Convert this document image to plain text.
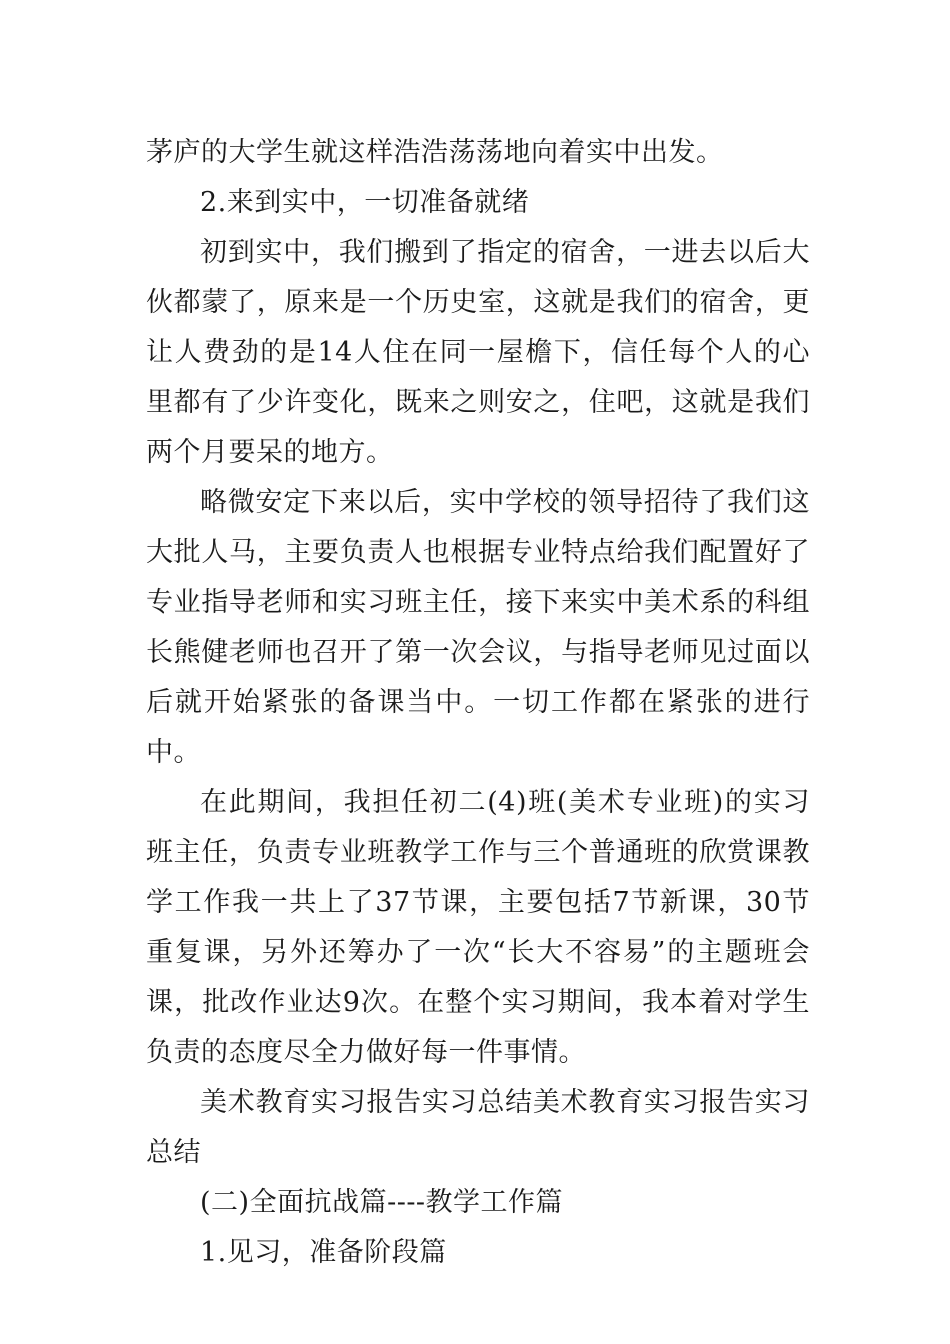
茅庐的大学生就这样浩浩荡荡地向着实中出发。

2.来到实中，一切准备就绪

初到实中，我们搬到了指定的宿舍，一进去以后大伙都蒙了，原来是一个历史室，这就是我们的宿舍，更让人费劲的是14人住在同一屋檐下，信任每个人的心里都有了少许变化，既来之则安之，住吧，这就是我们两个月要呆的地方。

略微安定下来以后，实中学校的领导招待了我们这大批人马，主要负责人也根据专业特点给我们配置好了专业指导老师和实习班主任，接下来实中美术系的科组长熊健老师也召开了第一次会议，与指导老师见过面以后就开始紧张的备课当中。一切工作都在紧张的进行中。

在此期间，我担任初二(4)班(美术专业班)的实习班主任，负责专业班教学工作与三个普通班的欣赏课教学工作我一共上了37节课，主要包括7节新课，30节重复课，另外还筹办了一次“长大不容易”的主题班会课，批改作业达9次。在整个实习期间，我本着对学生负责的态度尽全力做好每一件事情。

美术教育实习报告实习总结美术教育实习报告实习总结

(二)全面抗战篇----教学工作篇

1.见习，准备阶段篇
